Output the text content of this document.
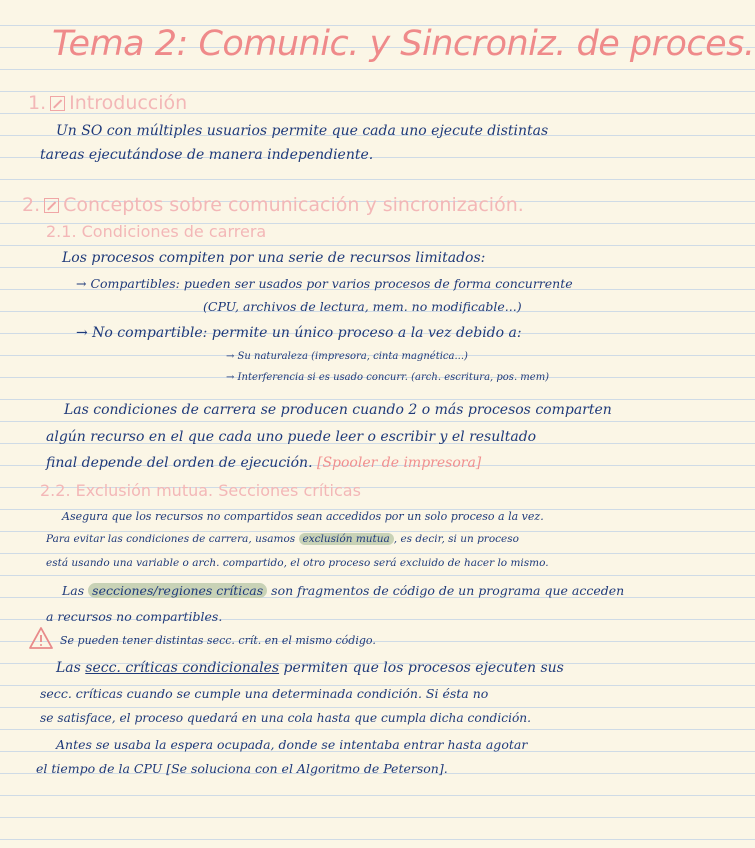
Tema 2: Comunic. y Sincroniz. de proces.
1. Introducción
Un SO con múltiples usuarios permite que cada uno ejecute distintas
tareas ejecutándose de manera independiente.
2. Conceptos sobre comunicación y sincronización.
2.1. Condiciones de carrera
Los procesos compiten por una serie de recursos limitados:
→ Compartibles: pueden ser usados por varios procesos de forma concurrente
(CPU, archivos de lectura, mem. no modificable...)
→ No compartible: permite un único proceso a la vez debido a:
→ Su naturaleza (impresora, cinta magnética...)
→ Interferencia si es usado concurr. (arch. escritura, pos. mem)
Las condiciones de carrera se producen cuando 2 o más procesos comparten
algún recurso en el que cada uno puede leer o escribir y el resultado
final depende del orden de ejecución. [Spooler de impresora]
2.2. Exclusión mutua. Secciones críticas
Asegura que los recursos no compartidos sean accedidos por un solo proceso a la vez.
Para evitar las condiciones de carrera, usamos exclusión mutua , es decir, si un proceso
está usando una variable o arch. compartido, el otro proceso será excluido de hacer lo mismo.
Las secciones/regiones críticas son fragmentos de código de un programa que acceden
a recursos no compartibles.
Se pueden tener distintas secc. crít. en el mismo código.
Las secc. críticas condicionales permiten que los procesos ejecuten sus
secc. críticas cuando se cumple una determinada condición. Si ésta no
se satisface, el proceso quedará en una cola hasta que cumpla dicha condición.
Antes se usaba la espera ocupada, donde se intentaba entrar hasta agotar
el tiempo de la CPU [Se soluciona con el Algoritmo de Peterson].
